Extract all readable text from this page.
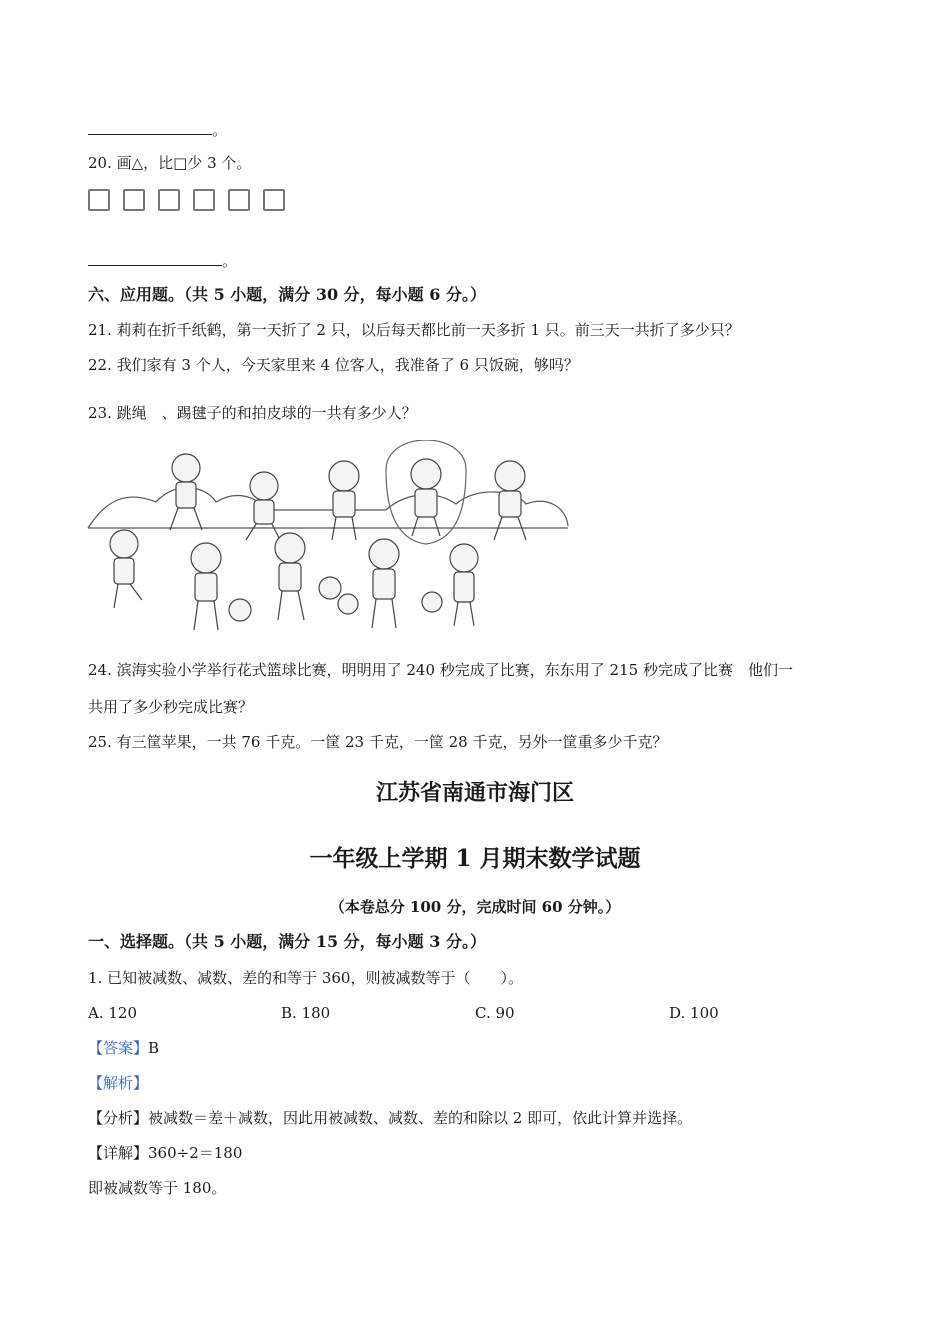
。
20. 画△，比□少 3 个。
。
六、应用题。（共 5 小题，满分 30 分，每小题 6 分。）
21. 莉莉在折千纸鹤，第一天折了 2 只，以后每天都比前一天多折 1 只。前三天一共折了多少只？
22. 我们家有 3 个人，今天家里来 4 位客人，我准备了 6 只饭碗，够吗？
23. 跳绳　、踢毽子的和拍皮球的一共有多少人？
24. 滨海实验小学举行花式篮球比赛，明明用了 240 秒完成了比赛，东东用了 215 秒完成了比赛　他们一
共用了多少秒完成比赛？
25. 有三筐苹果，一共 76 千克。一筐 23 千克，一筐 28 千克，另外一筐重多少千克？
江苏省南通市海门区
一年级上学期 1 月期末数学试题
（本卷总分 100 分，完成时间 60 分钟。）
一、选择题。（共 5 小题，满分 15 分，每小题 3 分。）
1. 已知被减数、减数、差的和等于 360，则被减数等于（　　）。
A. 120	B. 180	C. 90	D. 100
【答案】B
【解析】
【分析】被减数＝差＋减数，因此用被减数、减数、差的和除以 2 即可，依此计算并选择。
【详解】360÷2＝180
即被减数等于 180。
